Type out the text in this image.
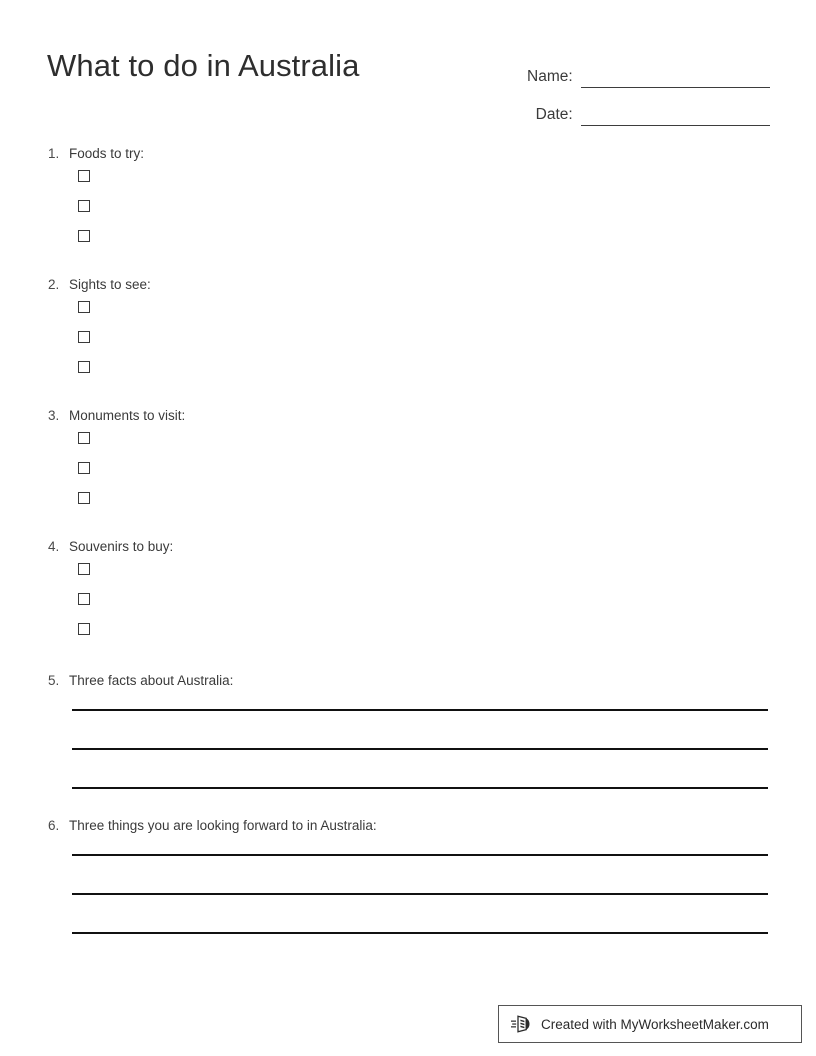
What to do in Australia	Name:
Date:
1. Foods to try:
2. Sights to see:
3. Monuments to visit:
4. Souvenirs to buy:
5. Three facts about Australia:
6. Three things you are looking forward to in Australia:
Created with MyWorksheetMaker.com
